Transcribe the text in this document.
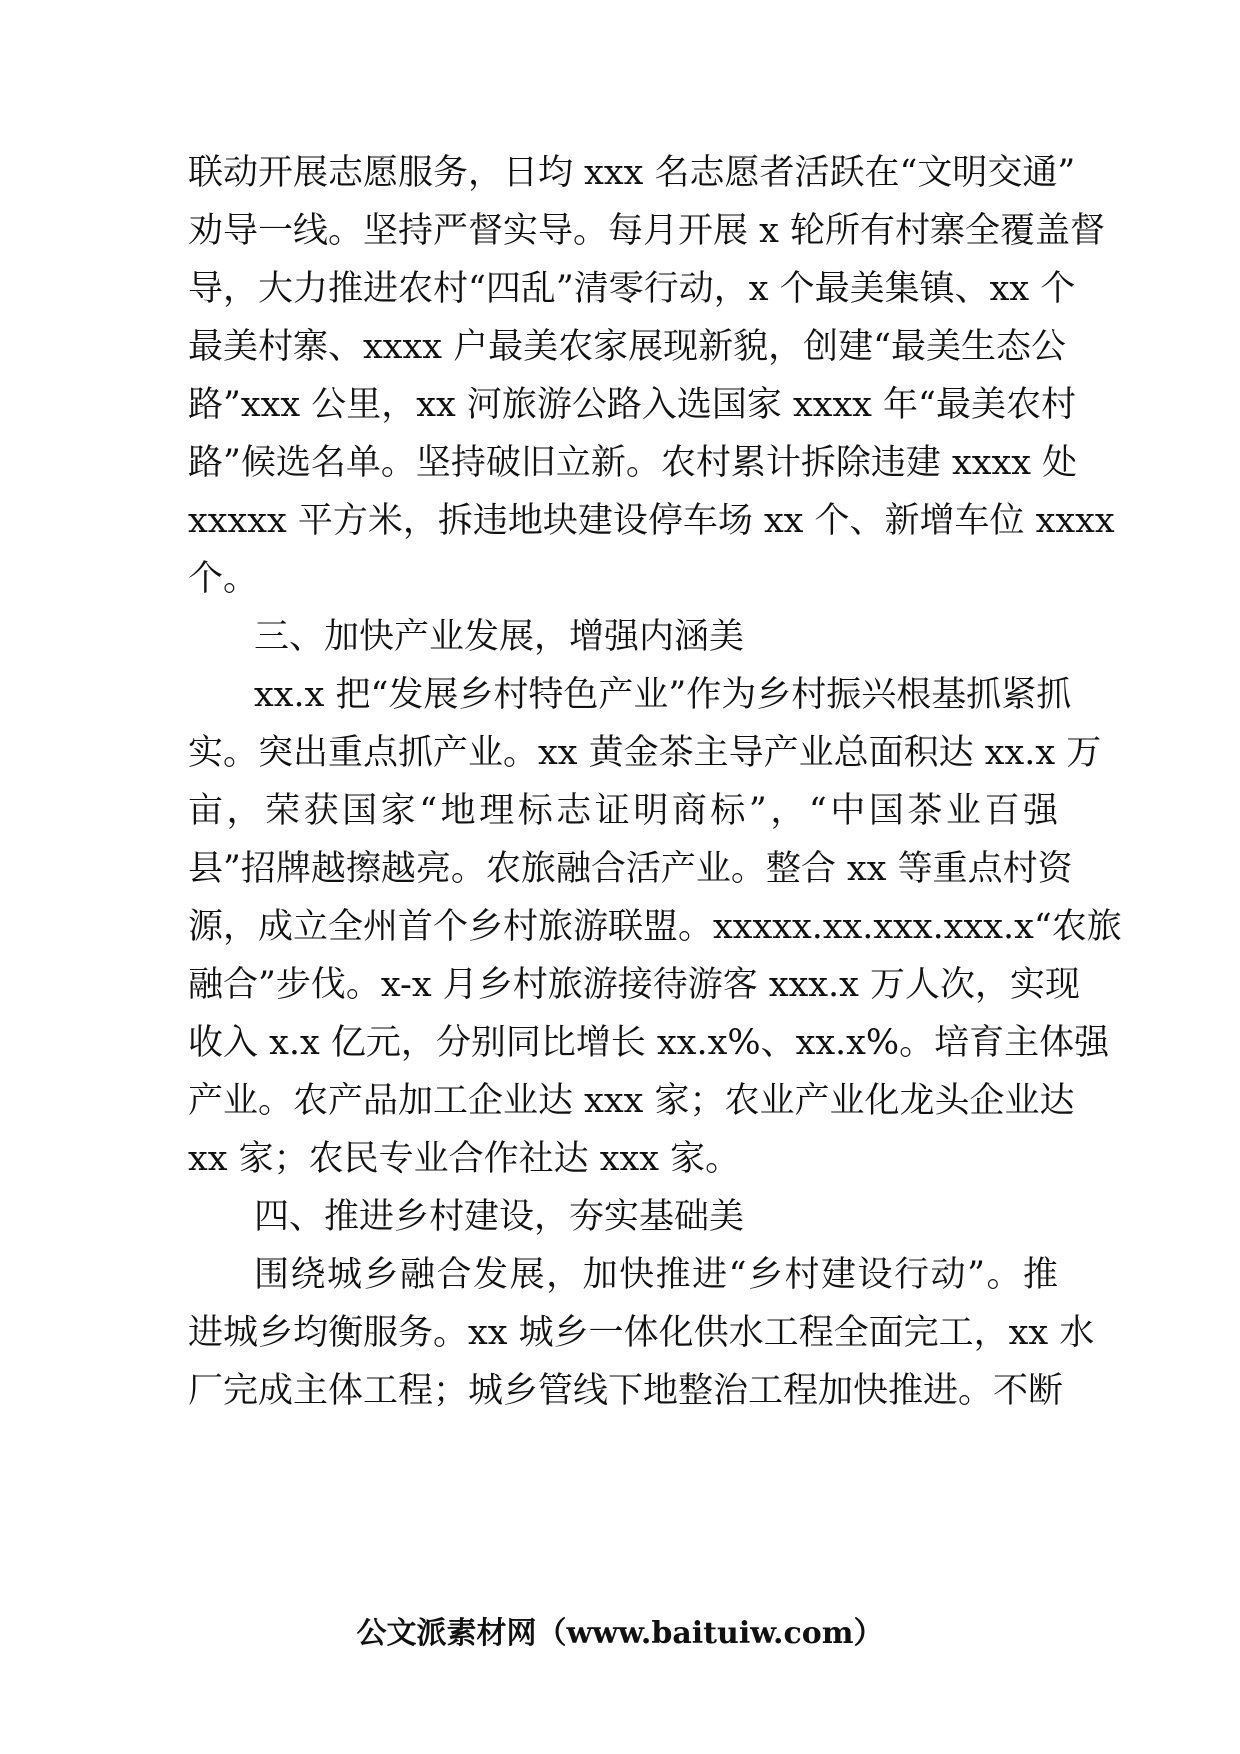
联动开展志愿服务，日均 xxx 名志愿者活跃在“文明交通”
劝导一线。坚持严督实导。每月开展 x 轮所有村寨全覆盖督
导，大力推进农村“四乱”清零行动，x 个最美集镇、xx 个
最美村寨、xxxx 户最美农家展现新貌，创建“最美生态公
路”xxx 公里，xx 河旅游公路入选国家 xxxx 年“最美农村
路”候选名单。坚持破旧立新。农村累计拆除违建 xxxx 处
xxxxx 平方米，拆违地块建设停车场 xx 个、新增车位 xxxx
个。
三、加快产业发展，增强内涵美
xx.x 把“发展乡村特色产业”作为乡村振兴根基抓紧抓
实。突出重点抓产业。xx 黄金茶主导产业总面积达 xx.x 万
亩，荣获国家“地理标志证明商标”，“中国茶业百强
县”招牌越擦越亮。农旅融合活产业。整合 xx 等重点村资
源，成立全州首个乡村旅游联盟。xxxxx.xx.xxx.xxx.x“农旅
融合”步伐。x-x 月乡村旅游接待游客 xxx.x 万人次，实现
收入 x.x 亿元，分别同比增长 xx.x%、xx.x%。培育主体强
产业。农产品加工企业达 xxx 家；农业产业化龙头企业达
xx 家；农民专业合作社达 xxx 家。
四、推进乡村建设，夯实基础美
围绕城乡融合发展，加快推进“乡村建设行动”。推
进城乡均衡服务。xx 城乡一体化供水工程全面完工，xx 水
厂完成主体工程；城乡管线下地整治工程加快推进。不断
公文派素材网（www.baituiw.com）
